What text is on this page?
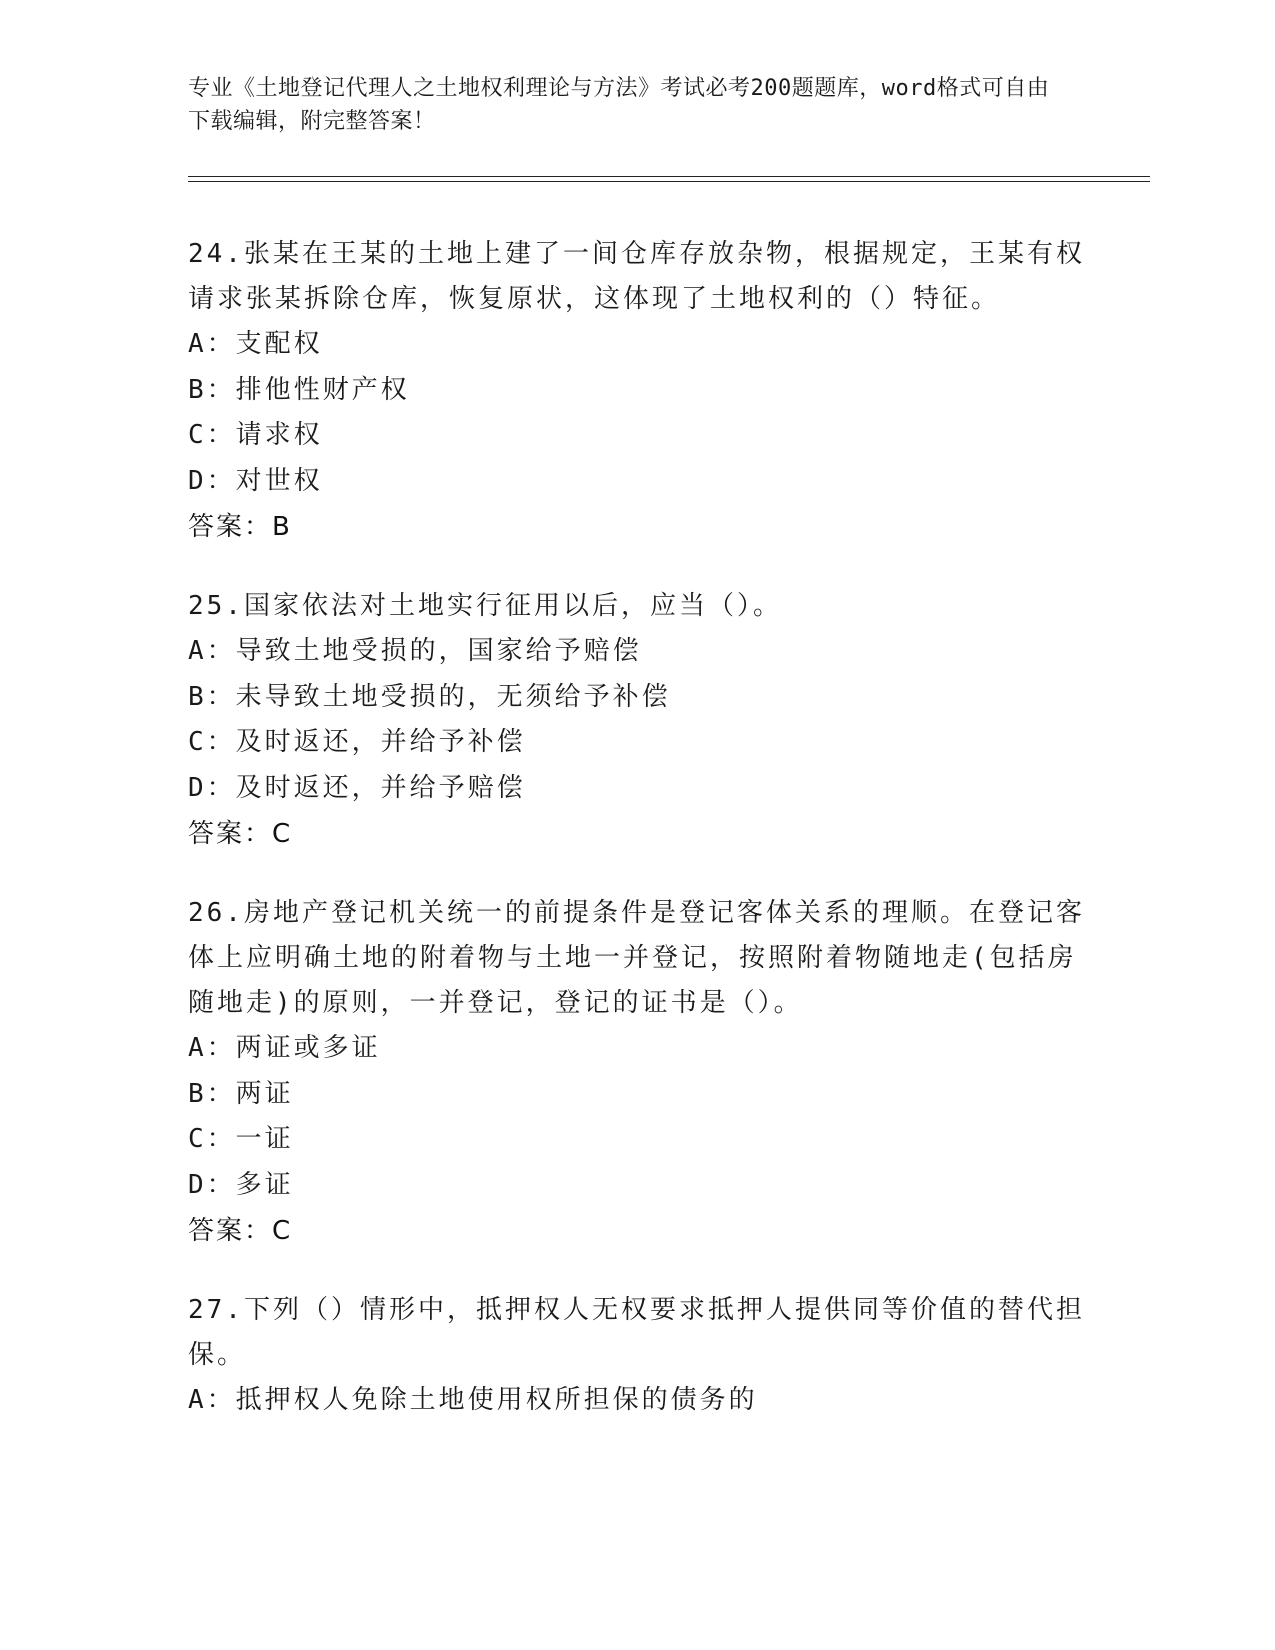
专业《土地登记代理人之土地权利理论与方法》考试必考200题题库，word格式可自由下载编辑，附完整答案！
24.张某在王某的土地上建了一间仓库存放杂物，根据规定，王某有权请求张某拆除仓库，恢复原状，这体现了土地权利的（）特征。
A：支配权
B：排他性财产权
C：请求权
D：对世权
答案：B
25.国家依法对土地实行征用以后，应当（）。
A：导致土地受损的，国家给予赔偿
B：未导致土地受损的，无须给予补偿
C：及时返还，并给予补偿
D：及时返还，并给予赔偿
答案：C
26.房地产登记机关统一的前提条件是登记客体关系的理顺。在登记客体上应明确土地的附着物与土地一并登记，按照附着物随地走(包括房随地走)的原则，一并登记，登记的证书是（）。
A：两证或多证
B：两证
C：一证
D：多证
答案：C
27.下列（）情形中，抵押权人无权要求抵押人提供同等价值的替代担保。
A：抵押权人免除土地使用权所担保的债务的
